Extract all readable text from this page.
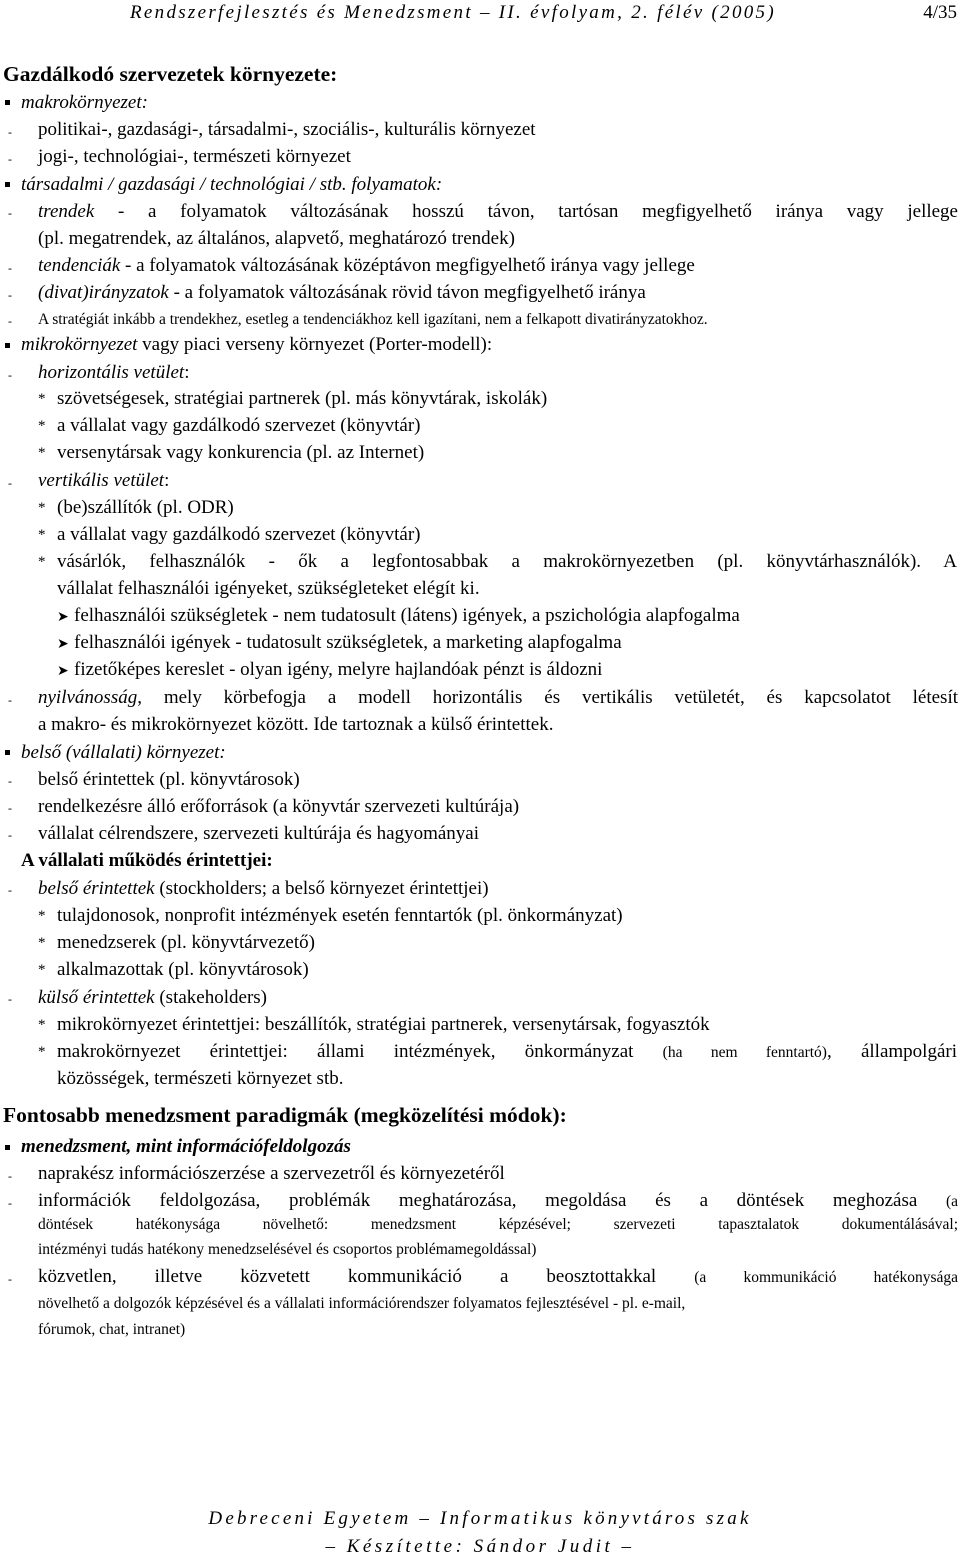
Rendszerfejlesztés és Menedzsment – II. évfolyam, 2. félév (2005)	4/35
Gazdálkodó szervezetek környezete:
makrokörnyezet:
- politikai-, gazdasági-, társadalmi-, szociális-, kulturális környezet
- jogi-, technológiai-, természeti környezet
társadalmi / gazdasági / technológiai / stb. folyamatok:
- trendek - a folyamatok változásának hosszú távon, tartósan megfigyelhető iránya vagy jellege
(pl. megatrendek, az általános, alapvető, meghatározó trendek)
- tendenciák - a folyamatok változásának középtávon megfigyelhető iránya vagy jellege
- (divat)irányzatok - a folyamatok változásának rövid távon megfigyelhető iránya
- A stratégiát inkább a trendekhez, esetleg a tendenciákhoz kell igazítani, nem a felkapott divatirányzatokhoz.
mikrokörnyezet vagy piaci verseny környezet (Porter-modell):
- horizontális vetület:
* szövetségesek, stratégiai partnerek (pl. más könyvtárak, iskolák)
* a vállalat vagy gazdálkodó szervezet (könyvtár)
* versenytársak vagy konkurencia (pl. az Internet)
- vertikális vetület:
* (be)szállítók (pl. ODR)
* a vállalat vagy gazdálkodó szervezet (könyvtár)
* vásárlók, felhasználók - ők a legfontosabbak a makrokörnyezetben (pl. könyvtárhasználók). A
vállalat felhasználói igényeket, szükségleteket elégít ki.
➤ felhasználói szükségletek - nem tudatosult (látens) igények, a pszichológia alapfogalma
➤ felhasználói igények - tudatosult szükségletek, a marketing alapfogalma
➤ fizetőképes kereslet - olyan igény, melyre hajlandóak pénzt is áldozni
- nyilvánosság, mely körbefogja a modell horizontális és vertikális vetületét, és kapcsolatot létesít
a makro- és mikrokörnyezet között. Ide tartoznak a külső érintettek.
belső (vállalati) környezet:
- belső érintettek (pl. könyvtárosok)
- rendelkezésre álló erőforrások (a könyvtár szervezeti kultúrája)
- vállalat célrendszere, szervezeti kultúrája és hagyományai
A vállalati működés érintettjei:
- belső érintettek (stockholders; a belső környezet érintettjei)
* tulajdonosok, nonprofit intézmények esetén fenntartók (pl. önkormányzat)
* menedzserek (pl. könyvtárvezető)
* alkalmazottak (pl. könyvtárosok)
- külső érintettek (stakeholders)
* mikrokörnyezet érintettjei: beszállítók, stratégiai partnerek, versenytársak, fogyasztók
* makrokörnyezet érintettjei: állami intézmények, önkormányzat (ha nem fenntartó), állampolgári
közösségek, természeti környezet stb.
Fontosabb menedzsment paradigmák (megközelítési módok):
menedzsment, mint információfeldolgozás
- naprakész információszerzése a szervezetről és környezetéről
- információk feldolgozása, problémák meghatározása, megoldása és a döntések meghozása (a
döntések hatékonysága növelhető: menedzsment képzésével; szervezeti tapasztalatok dokumentálásával;
intézményi tudás hatékony menedzselésével és csoportos problémamegoldással)
- közvetlen, illetve közvetett kommunikáció a beosztottakkal (a kommunikáció hatékonysága
növelhető a dolgozók képzésével és a vállalati információrendszer folyamatos fejlesztésével - pl. e-mail,
fórumok, chat, intranet)
Debreceni Egyetem – Informatikus könyvtáros szak
– Készítette: Sándor Judit –
